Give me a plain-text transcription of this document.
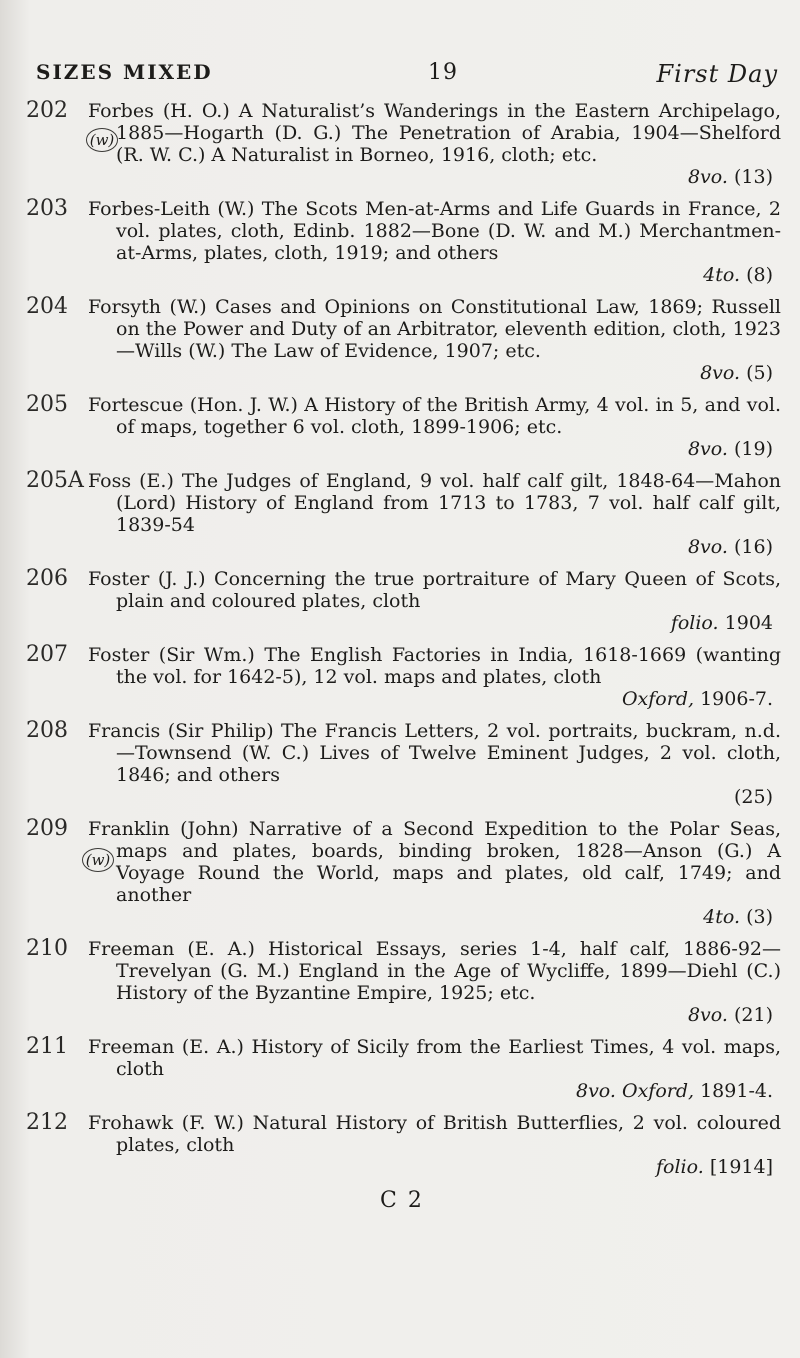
SIZES MIXED	19	First Day
202	Forbes (H. O.) A Naturalist’s Wanderings in the Eastern Archipelago, 1885—Hogarth (D. G.) The Penetration of Arabia, 1904—Shelford (R. W. C.) A Naturalist in Borneo, 1916, cloth; etc.
8vo. (13)
(w)
203	Forbes-Leith (W.) The Scots Men-at-Arms and Life Guards in France, 2 vol. plates, cloth, Edinb. 1882—Bone (D. W. and M.) Merchantmen-at-Arms, plates, cloth, 1919; and others
4to. (8)
204	Forsyth (W.) Cases and Opinions on Constitutional Law, 1869; Russell on the Power and Duty of an Arbitrator, eleventh edition, cloth, 1923—Wills (W.) The Law of Evidence, 1907; etc.
8vo. (5)
205	Fortescue (Hon. J. W.) A History of the British Army, 4 vol. in 5, and vol. of maps, together 6 vol. cloth, 1899-1906; etc.
8vo. (19)
205A Foss (E.) The Judges of England, 9 vol. half calf gilt, 1848-64—Mahon (Lord) History of England from 1713 to 1783, 7 vol. half calf gilt, 1839-54
8vo. (16)
206	Foster (J. J.) Concerning the true portraiture of Mary Queen of Scots, plain and coloured plates, cloth
folio. 1904
207	Foster (Sir Wm.) The English Factories in India, 1618-1669 (wanting the vol. for 1642-5), 12 vol. maps and plates, cloth
Oxford, 1906-7.
208	Francis (Sir Philip) The Francis Letters, 2 vol. portraits, buckram, n.d.—Townsend (W. C.) Lives of Twelve Eminent Judges, 2 vol. cloth, 1846; and others
(25)
209	Franklin (John) Narrative of a Second Expedition to the Polar Seas, maps and plates, boards, binding broken, 1828—Anson (G.) A Voyage Round the World, maps and plates, old calf, 1749; and another
4to. (3)
(w)
210	Freeman (E. A.) Historical Essays, series 1-4, half calf, 1886-92—Trevelyan (G. M.) England in the Age of Wycliffe, 1899—Diehl (C.) History of the Byzantine Empire, 1925; etc.
8vo. (21)
211	Freeman (E. A.) History of Sicily from the Earliest Times, 4 vol. maps, cloth
8vo. Oxford, 1891-4.
212	Frohawk (F. W.) Natural History of British Butterflies, 2 vol. coloured plates, cloth
folio. [1914]
C 2
